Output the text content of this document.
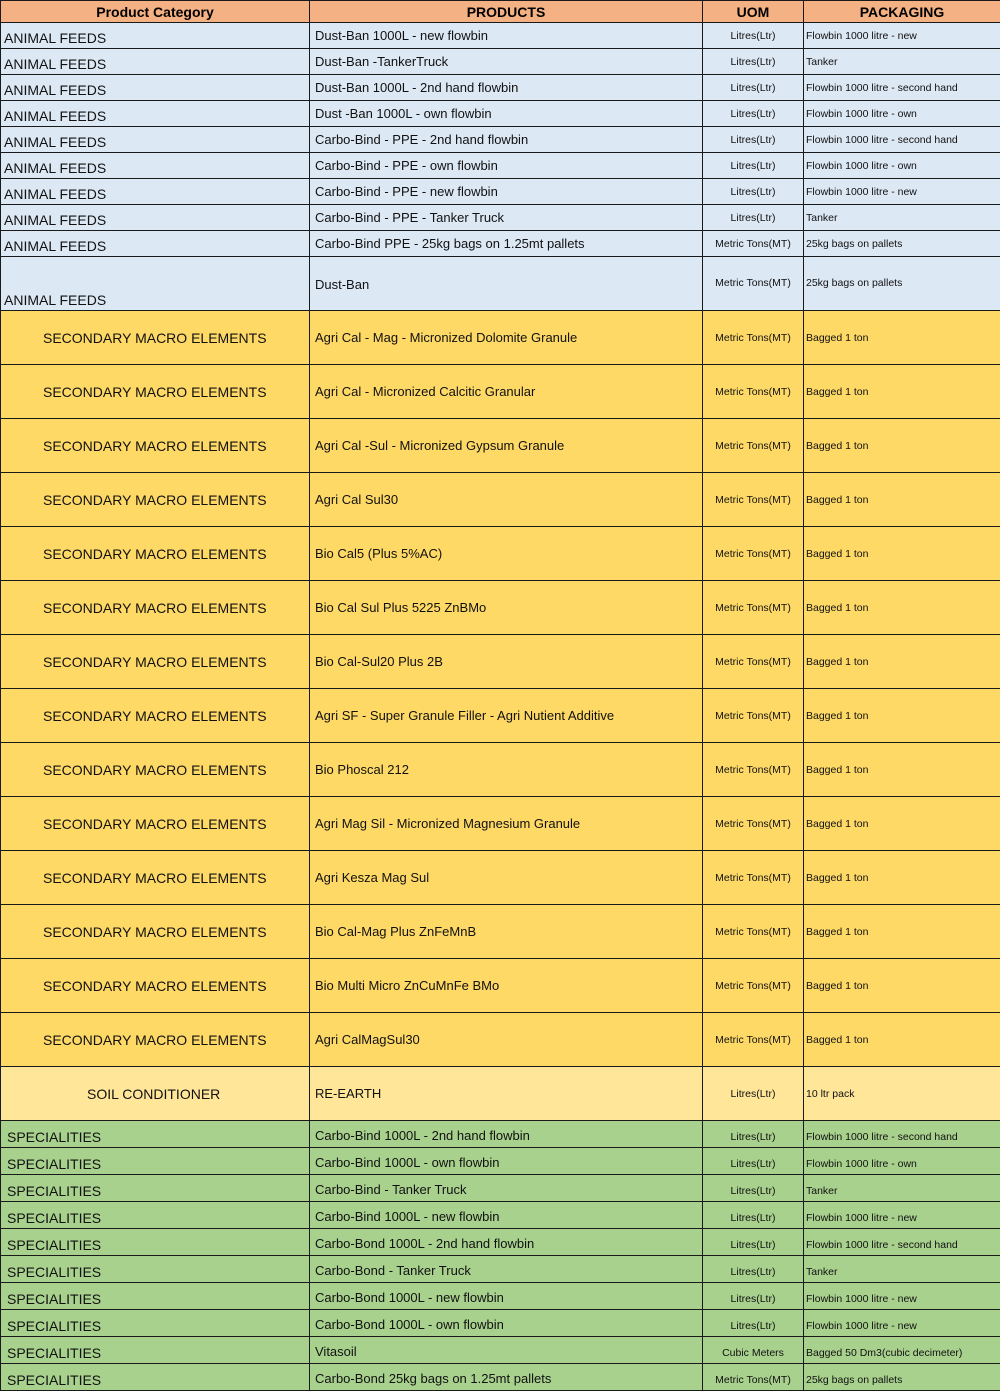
Product Category	PRODUCTS	UOM	PACKAGING
ANIMAL FEEDS	Dust-Ban 1000L - new flowbin	Litres(Ltr)	Flowbin 1000 litre - new
ANIMAL FEEDS	Dust-Ban -TankerTruck	Litres(Ltr)	Tanker
ANIMAL FEEDS	Dust-Ban 1000L - 2nd hand flowbin	Litres(Ltr)	Flowbin 1000 litre - second hand
ANIMAL FEEDS	Dust -Ban 1000L - own flowbin	Litres(Ltr)	Flowbin 1000 litre - own
ANIMAL FEEDS	Carbo-Bind - PPE - 2nd hand flowbin	Litres(Ltr)	Flowbin 1000 litre - second hand
ANIMAL FEEDS	Carbo-Bind - PPE - own flowbin	Litres(Ltr)	Flowbin 1000 litre - own
ANIMAL FEEDS	Carbo-Bind - PPE - new flowbin	Litres(Ltr)	Flowbin 1000 litre - new
ANIMAL FEEDS	Carbo-Bind - PPE - Tanker Truck	Litres(Ltr)	Tanker
ANIMAL FEEDS	Carbo-Bind PPE - 25kg bags on 1.25mt pallets	Metric Tons(MT)	25kg bags on pallets
ANIMAL FEEDS	Dust-Ban	Metric Tons(MT)	25kg bags on pallets
SECONDARY MACRO ELEMENTS	Agri Cal - Mag - Micronized Dolomite Granule	Metric Tons(MT)	Bagged 1 ton
SECONDARY MACRO ELEMENTS	Agri Cal - Micronized Calcitic Granular	Metric Tons(MT)	Bagged 1 ton
SECONDARY MACRO ELEMENTS	Agri Cal -Sul - Micronized Gypsum Granule	Metric Tons(MT)	Bagged 1 ton
SECONDARY MACRO ELEMENTS	Agri Cal Sul30	Metric Tons(MT)	Bagged 1 ton
SECONDARY MACRO ELEMENTS	Bio Cal5 (Plus 5%AC)	Metric Tons(MT)	Bagged 1 ton
SECONDARY MACRO ELEMENTS	Bio Cal Sul Plus 5225 ZnBMo	Metric Tons(MT)	Bagged 1 ton
SECONDARY MACRO ELEMENTS	Bio Cal-Sul20 Plus 2B	Metric Tons(MT)	Bagged 1 ton
SECONDARY MACRO ELEMENTS	Agri SF - Super Granule Filler - Agri Nutient Additive	Metric Tons(MT)	Bagged 1 ton
SECONDARY MACRO ELEMENTS	Bio Phoscal 212	Metric Tons(MT)	Bagged 1 ton
SECONDARY MACRO ELEMENTS	Agri Mag Sil - Micronized Magnesium Granule	Metric Tons(MT)	Bagged 1 ton
SECONDARY MACRO ELEMENTS	Agri Kesza Mag Sul	Metric Tons(MT)	Bagged 1 ton
SECONDARY MACRO ELEMENTS	Bio Cal-Mag Plus ZnFeMnB	Metric Tons(MT)	Bagged 1 ton
SECONDARY MACRO ELEMENTS	Bio Multi Micro ZnCuMnFe BMo	Metric Tons(MT)	Bagged 1 ton
SECONDARY MACRO ELEMENTS	Agri CalMagSul30	Metric Tons(MT)	Bagged 1 ton
SOIL CONDITIONER	RE-EARTH	Litres(Ltr)	10 ltr pack
SPECIALITIES	Carbo-Bind 1000L - 2nd hand flowbin	Litres(Ltr)	Flowbin 1000 litre - second hand
SPECIALITIES	Carbo-Bind 1000L - own flowbin	Litres(Ltr)	Flowbin 1000 litre - own
SPECIALITIES	Carbo-Bind - Tanker Truck	Litres(Ltr)	Tanker
SPECIALITIES	Carbo-Bind 1000L - new flowbin	Litres(Ltr)	Flowbin 1000 litre - new
SPECIALITIES	Carbo-Bond 1000L - 2nd hand flowbin	Litres(Ltr)	Flowbin 1000 litre - second hand
SPECIALITIES	Carbo-Bond - Tanker Truck	Litres(Ltr)	Tanker
SPECIALITIES	Carbo-Bond 1000L - new flowbin	Litres(Ltr)	Flowbin 1000 litre - new
SPECIALITIES	Carbo-Bond 1000L - own flowbin	Litres(Ltr)	Flowbin 1000 litre - new
SPECIALITIES	Vitasoil	Cubic Meters	Bagged 50 Dm3(cubic decimeter)
SPECIALITIES	Carbo-Bond 25kg bags on 1.25mt pallets	Metric Tons(MT)	25kg bags on pallets
